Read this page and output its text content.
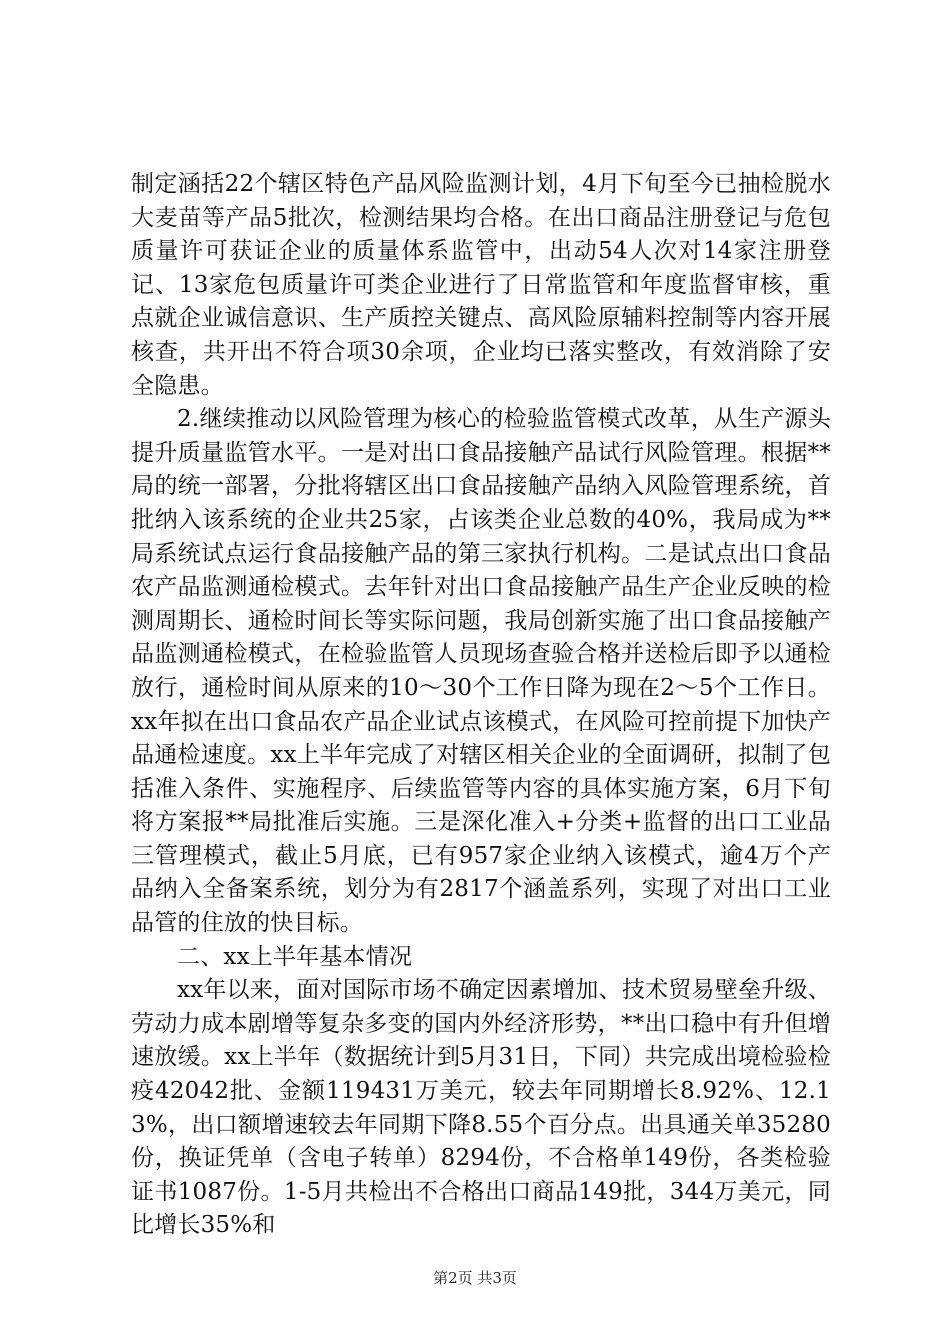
制定涵括22个辖区特色产品风险监测计划，4月下旬至今已抽检脱水大麦苗等产品5批次，检测结果均合格。在出口商品注册登记与危包质量许可获证企业的质量体系监管中，出动54人次对14家注册登记、13家危包质量许可类企业进行了日常监管和年度监督审核，重点就企业诚信意识、生产质控关键点、高风险原辅料控制等内容开展核查，共开出不符合项30余项，企业均已落实整改，有效消除了安全隐患。

2.继续推动以风险管理为核心的检验监管模式改革，从生产源头提升质量监管水平。一是对出口食品接触产品试行风险管理。根据**局的统一部署，分批将辖区出口食品接触产品纳入风险管理系统，首批纳入该系统的企业共25家，占该类企业总数的40%，我局成为**局系统试点运行食品接触产品的第三家执行机构。二是试点出口食品农产品监测通检模式。去年针对出口食品接触产品生产企业反映的检测周期长、通检时间长等实际问题，我局创新实施了出口食品接触产品监测通检模式，在检验监管人员现场查验合格并送检后即予以通检放行，通检时间从原来的10～30个工作日降为现在2～5个工作日。xx年拟在出口食品农产品企业试点该模式，在风险可控前提下加快产品通检速度。xx上半年完成了对辖区相关企业的全面调研，拟制了包括准入条件、实施程序、后续监管等内容的具体实施方案，6月下旬将方案报**局批准后实施。三是深化准入+分类+监督的出口工业品三管理模式，截止5月底，已有957家企业纳入该模式，逾4万个产品纳入全备案系统，划分为有2817个涵盖系列，实现了对出口工业品管的住放的快目标。

二、xx上半年基本情况

xx年以来，面对国际市场不确定因素增加、技术贸易壁垒升级、劳动力成本剧增等复杂多变的国内外经济形势，**出口稳中有升但增速放缓。xx上半年（数据统计到5月31日，下同）共完成出境检验检疫42042批、金额119431万美元，较去年同期增长8.92%、12.13%，出口额增速较去年同期下降8.55个百分点。出具通关单35280份，换证凭单（含电子转单）8294份，不合格单149份，各类检验证书1087份。1-5月共检出不合格出口商品149批，344万美元，同比增长35%和

第2页 共3页
